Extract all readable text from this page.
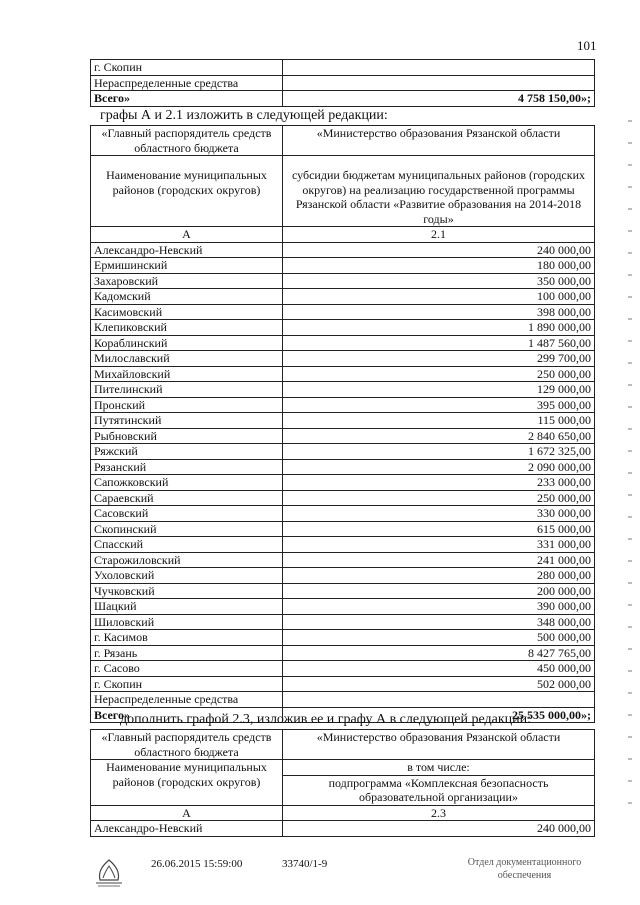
101
г. Скопин	
Нераспределенные средства	
Всего»	4 758 150,00»;
графы А и 2.1 изложить в следующей редакции:
«Главный распорядитель средств областного бюджета	«Министерство образования Рязанской области
Наименование муниципальных районов (городских округов)	субсидии бюджетам муниципальных районов (городских округов) на реализацию государственной программы Рязанской области «Развитие образования на 2014-2018 годы»
А	2.1
Александро-Невский	240 000,00
Ермишинский	180 000,00
Захаровский	350 000,00
Кадомский	100 000,00
Касимовский	398 000,00
Клепиковский	1 890 000,00
Кораблинский	1 487 560,00
Милославский	299 700,00
Михайловский	250 000,00
Пителинский	129 000,00
Пронский	395 000,00
Путятинский	115 000,00
Рыбновский	2 840 650,00
Ряжский	1 672 325,00
Рязанский	2 090 000,00
Сапожковский	233 000,00
Сараевский	250 000,00
Сасовский	330 000,00
Скопинский	615 000,00
Спасский	331 000,00
Старожиловский	241 000,00
Ухоловский	280 000,00
Чучковский	200 000,00
Шацкий	390 000,00
Шиловский	348 000,00
г. Касимов	500 000,00
г. Рязань	8 427 765,00
г. Сасово	450 000,00
г. Скопин	502 000,00
Нераспределенные средства	
Всего»	25 535 000,00»;
дополнить графой 2.3, изложив ее и графу А в следующей редакции:
«Главный распорядитель средств областного бюджета	«Министерство образования Рязанской области
Наименование муниципальных районов (городских округов)	в том числе:
подпрограмма «Комплексная безопасность образовательной организации»

А	2.3
Александро-Невский	240 000,00
26.06.2015 15:59:00	33740/1-9	Отдел документационного
обеспечения
